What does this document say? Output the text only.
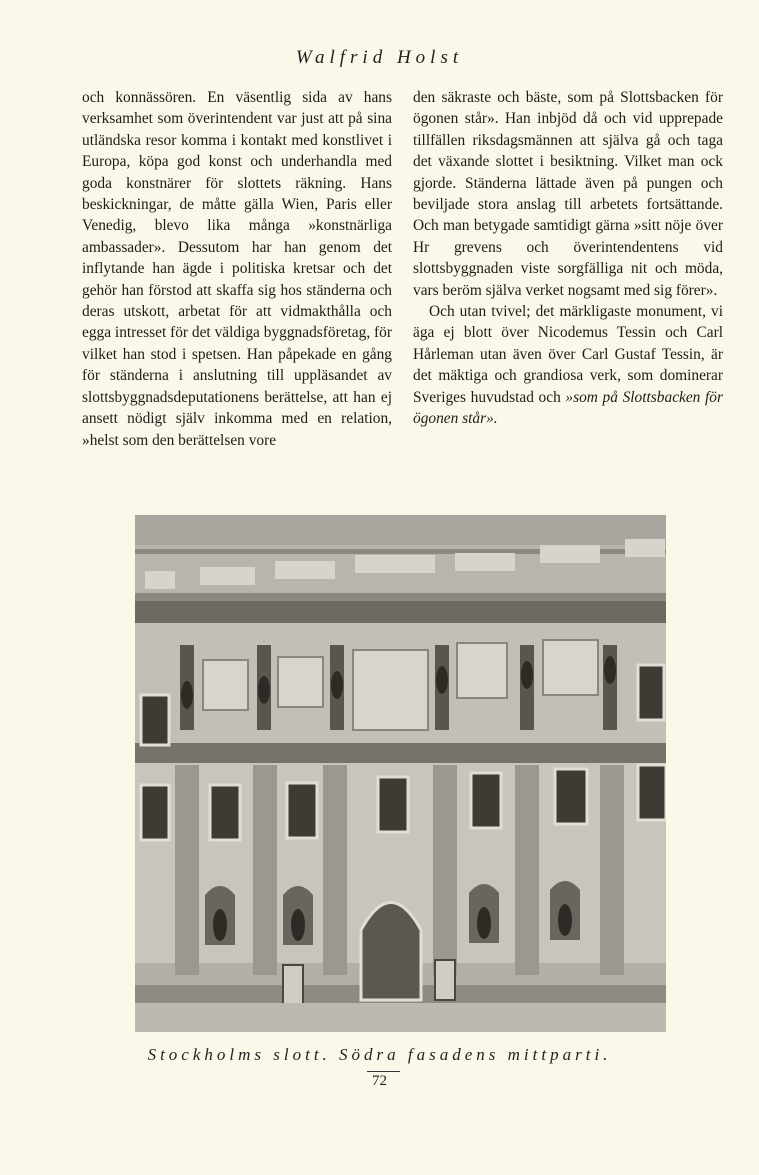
Walfrid Holst

och konnässören. En väsentlig sida av hans verksamhet som överintendent var just att på sina utländska resor komma i kontakt med konstlivet i Europa, köpa god konst och underhandla med goda konstnärer för slottets räkning. Hans beskickningar, de måtte gälla Wien, Paris eller Venedig, blevo lika många »konstnärliga ambassader». Dessutom har han genom det inflytande han ägde i politiska kretsar och det gehör han förstod att skaffa sig hos ständerna och deras utskott, arbetat för att vidmakthålla och egga intresset för det väldiga byggnadsföretag, för vilket han stod i spetsen. Han påpekade en gång för ständerna i anslutning till uppläsandet av slottsbyggnadsdeputationens berättelse, att han ej ansett nödigt själv inkomma med en relation, »helst som den berättelsen vore

den säkraste och bäste, som på Slottsbacken för ögonen står». Han inbjöd då och vid upprepade tillfällen riksdagsmännen att själva gå och taga det växande slottet i besiktning. Vilket man ock gjorde. Ständerna lättade även på pungen och beviljade stora anslag till arbetets fortsättande. Och man betygade samtidigt gärna »sitt nöje över Hr grevens och överintendentens vid slottsbyggnaden viste sorgfälliga nit och möda, vars beröm själva verket nogsamt med sig förer».

Och utan tvivel; det märkligaste monument, vi äga ej blott över Nicodemus Tessin och Carl Hårleman utan även över Carl Gustaf Tessin, är det mäktiga och grandiosa verk, som dominerar Sveriges huvudstad och »som på Slottsbacken för ögonen står».

Stockholms slott. Södra fasadens mittparti.
72
